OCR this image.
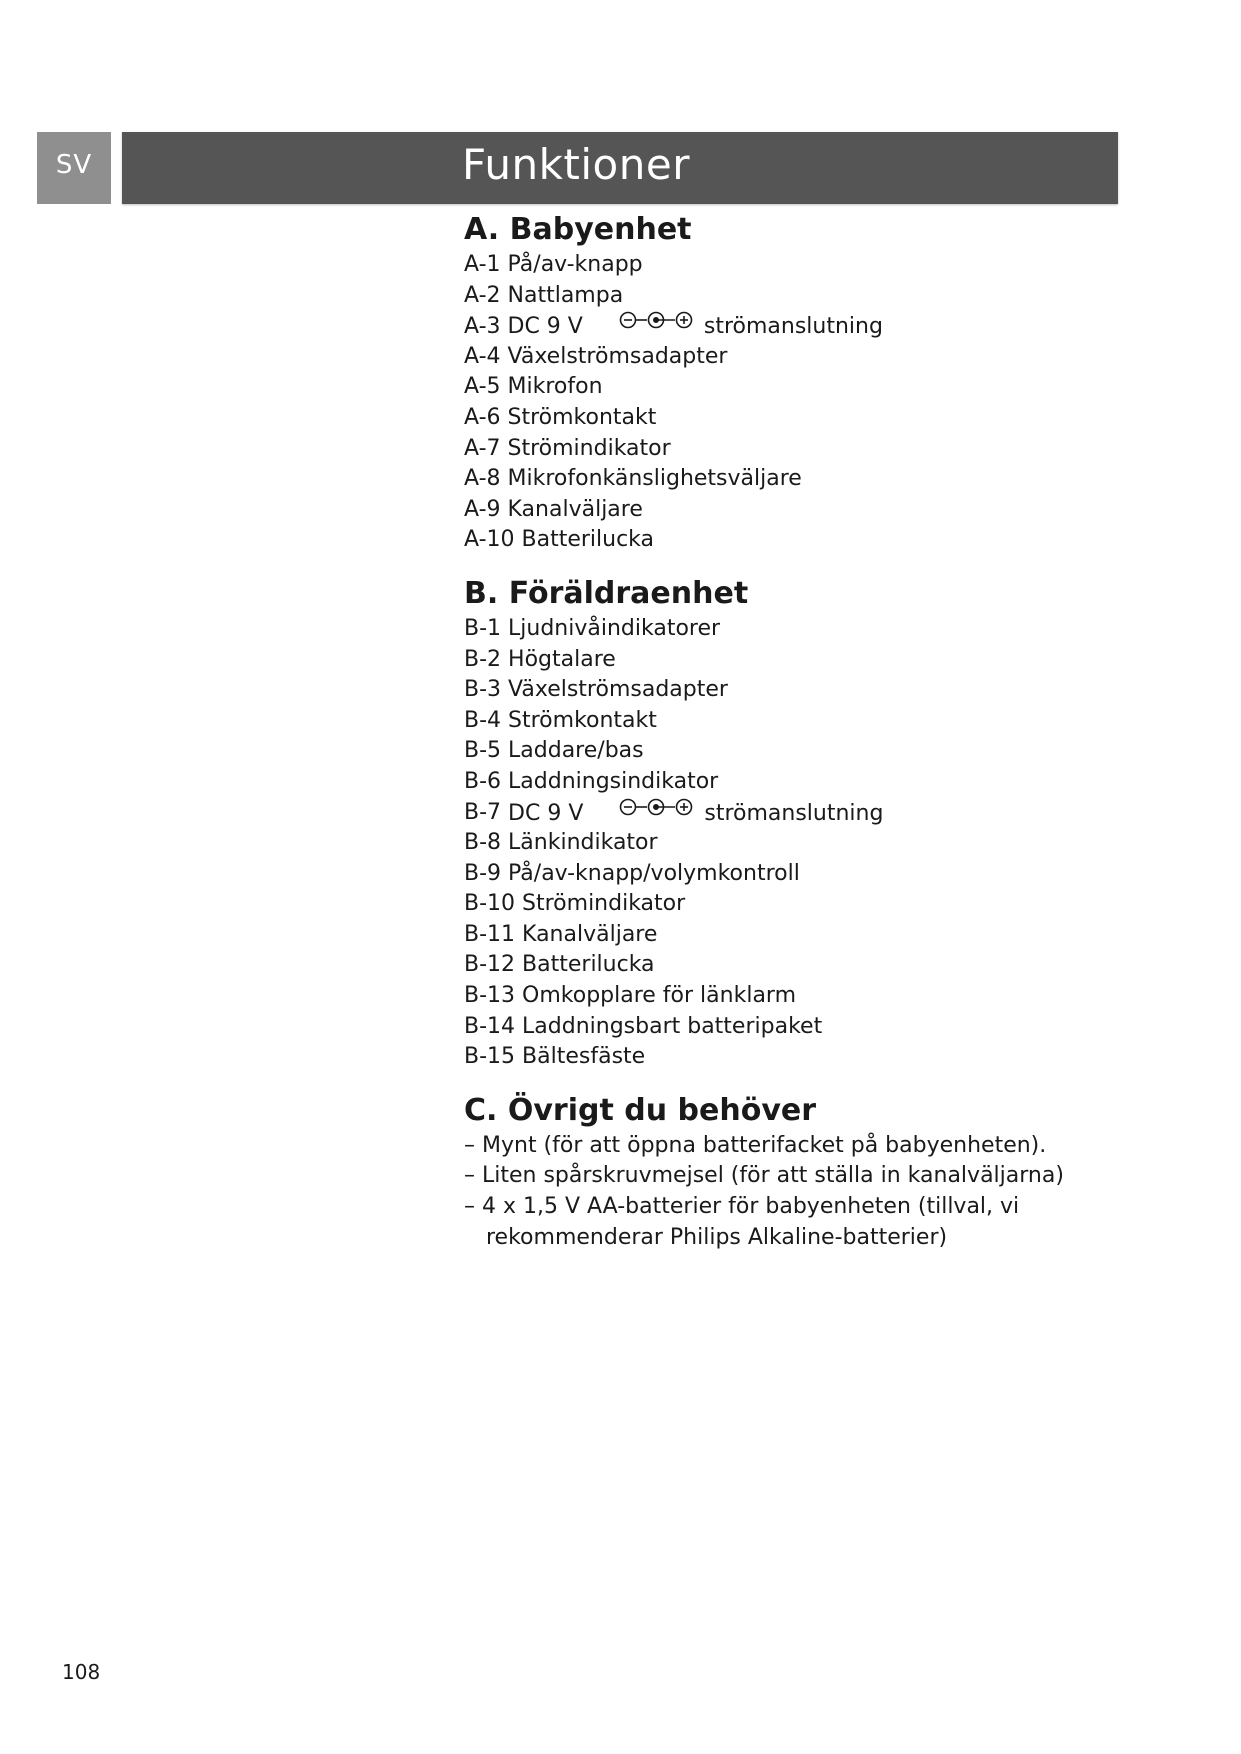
SV	Funktioner
A. Babyenhet
A-1 På/av-knapp
A-2 Nattlampa
A-3 DC 9 V	strömanslutning
A-4 Växelströmsadapter
A-5 Mikrofon
A-6 Strömkontakt
A-7 Strömindikator
A-8 Mikrofonkänslighetsväljare
A-9 Kanalväljare
A-10 Batterilucka
B. Föräldraenhet
B-1 Ljudnivåindikatorer
B-2 Högtalare
B-3 Växelströmsadapter
B-4 Strömkontakt
B-5 Laddare/bas
B-6 Laddningsindikator
B-7 DC 9 V	strömanslutning
B-8 Länkindikator
B-9 På/av-knapp/volymkontroll
B-10 Strömindikator
B-11 Kanalväljare
B-12 Batterilucka
B-13 Omkopplare för länklarm
B-14 Laddningsbart batteripaket
B-15 Bältesfäste
C. Övrigt du behöver
– Mynt (för att öppna batterifacket på babyenheten).
– Liten spårskruvmejsel (för att ställa in kanalväljarna)
– 4 x 1,5 V AA-batterier för babyenheten (tillval, vi rekommenderar Philips Alkaline-batterier)
108
